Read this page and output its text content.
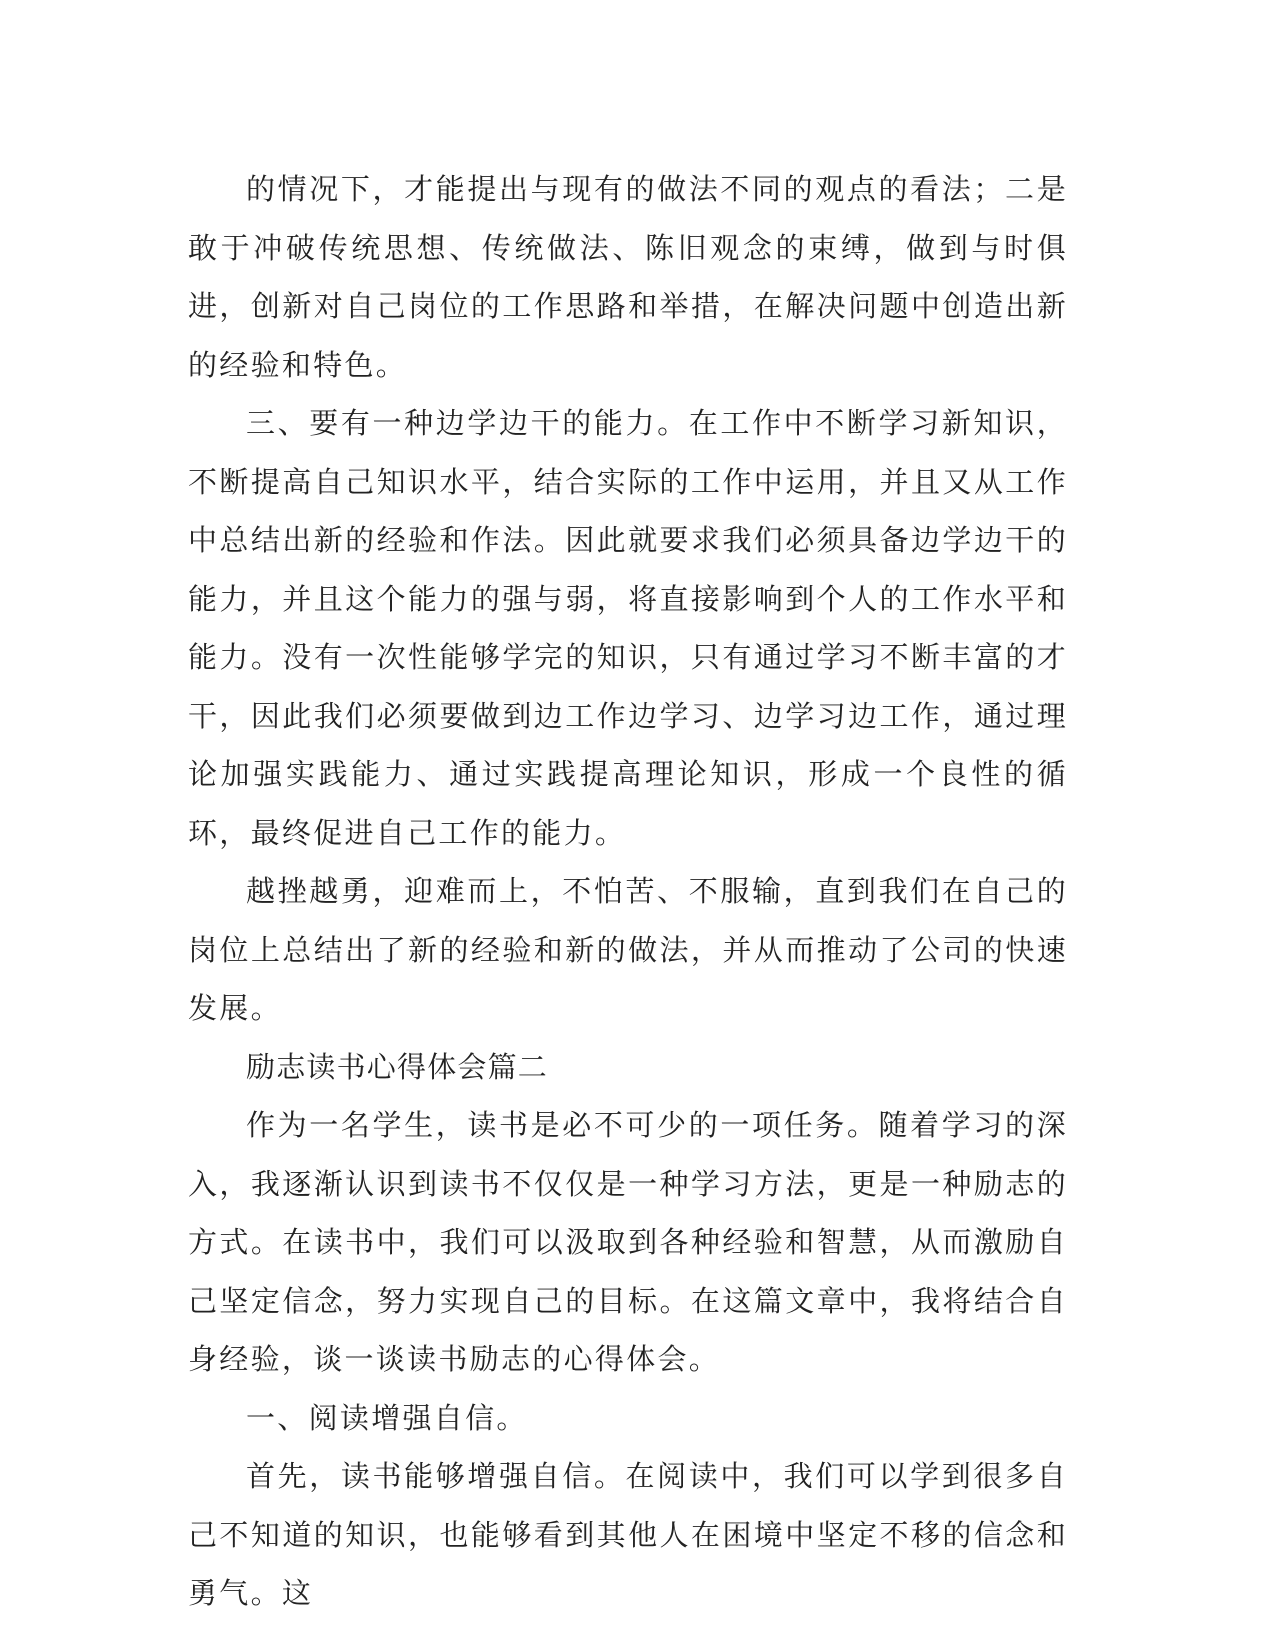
的情况下，才能提出与现有的做法不同的观点的看法；二是敢于冲破传统思想、传统做法、陈旧观念的束缚，做到与时俱进，创新对自己岗位的工作思路和举措，在解决问题中创造出新的经验和特色。

三、要有一种边学边干的能力。在工作中不断学习新知识，不断提高自己知识水平，结合实际的工作中运用，并且又从工作中总结出新的经验和作法。因此就要求我们必须具备边学边干的能力，并且这个能力的强与弱，将直接影响到个人的工作水平和能力。没有一次性能够学完的知识，只有通过学习不断丰富的才干，因此我们必须要做到边工作边学习、边学习边工作，通过理论加强实践能力、通过实践提高理论知识，形成一个良性的循环，最终促进自己工作的能力。

越挫越勇，迎难而上，不怕苦、不服输，直到我们在自己的岗位上总结出了新的经验和新的做法，并从而推动了公司的快速发展。

励志读书心得体会篇二

作为一名学生，读书是必不可少的一项任务。随着学习的深入，我逐渐认识到读书不仅仅是一种学习方法，更是一种励志的方式。在读书中，我们可以汲取到各种经验和智慧，从而激励自己坚定信念，努力实现自己的目标。在这篇文章中，我将结合自身经验，谈一谈读书励志的心得体会。

一、阅读增强自信。

首先，读书能够增强自信。在阅读中，我们可以学到很多自己不知道的知识，也能够看到其他人在困境中坚定不移的信念和勇气。这
